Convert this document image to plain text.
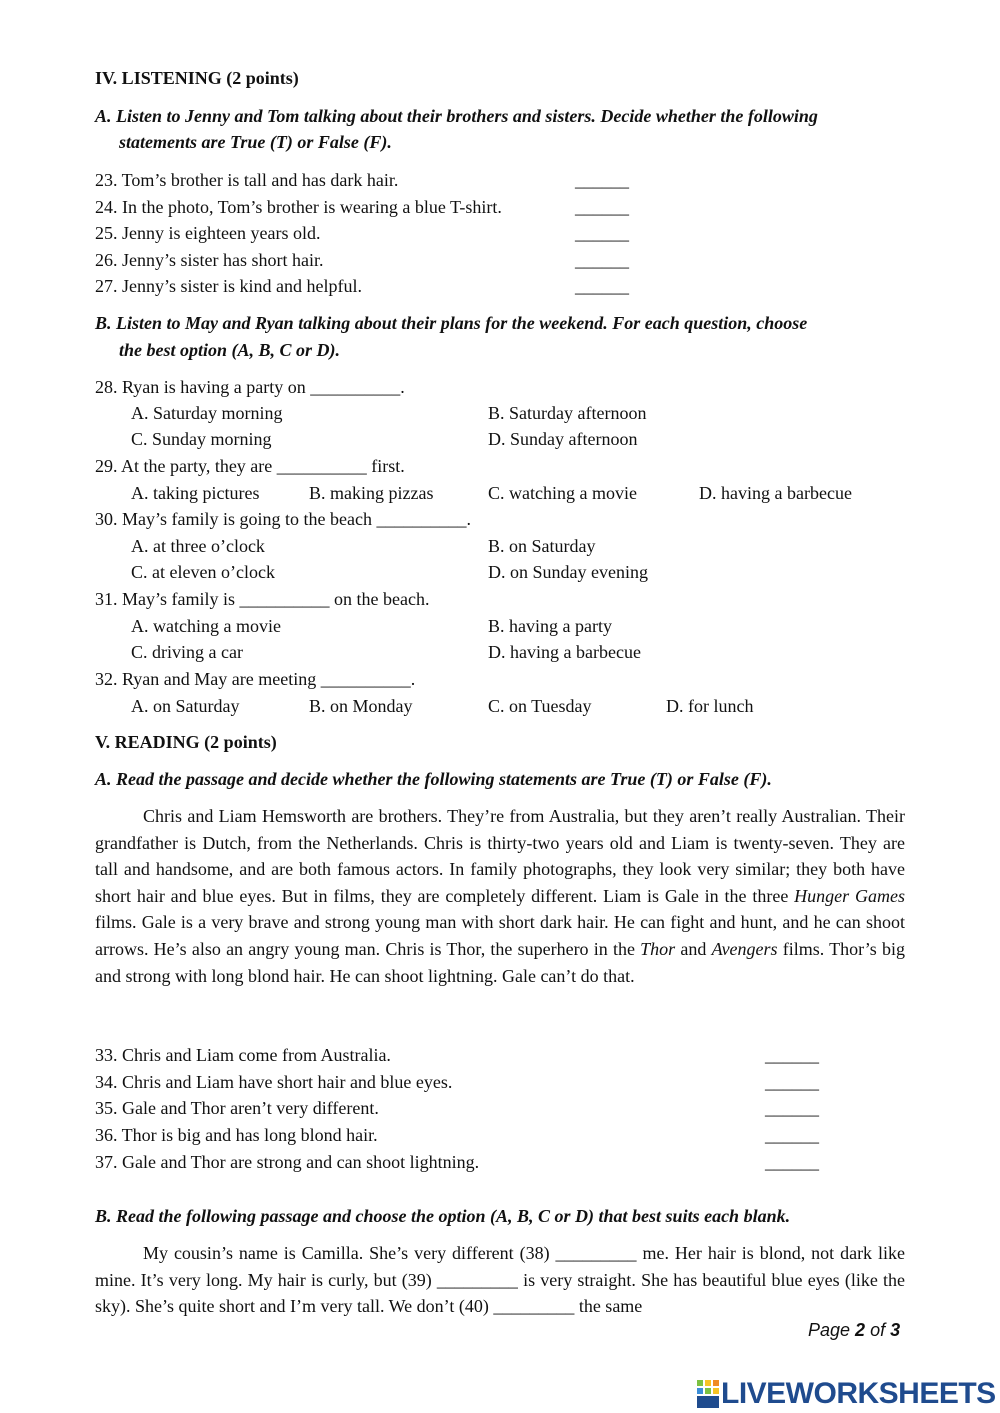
IV. LISTENING (2 points)
A. Listen to Jenny and Tom talking about their brothers and sisters. Decide whether the following
statements are True (T) or False (F).
23. Tom’s brother is tall and has dark hair.	______
24. In the photo, Tom’s brother is wearing a blue T-shirt.	______
25. Jenny is eighteen years old.	______
26. Jenny’s sister has short hair.	______
27. Jenny’s sister is kind and helpful.	______
B. Listen to May and Ryan talking about their plans for the weekend. For each question, choose
the best option (A, B, C or D).
28. Ryan is having a party on __________.
A. Saturday morning	B. Saturday afternoon
C. Sunday morning	D. Sunday afternoon
29. At the party, they are __________ first.
A. taking pictures	B. making pizzas	C. watching a movie	D. having a barbecue
30. May’s family is going to the beach __________.
A. at three o’clock	B. on Saturday
C. at eleven o’clock	D. on Sunday evening
31. May’s family is __________ on the beach.
A. watching a movie	B. having a party
C. driving a car	D. having a barbecue
32. Ryan and May are meeting __________.
A. on Saturday	B. on Monday	C. on Tuesday	D. for lunch
V. READING (2 points)
A. Read the passage and decide whether the following statements are True (T) or False (F).
Chris and Liam Hemsworth are brothers. They’re from Australia, but they aren’t really Australian. Their grandfather is Dutch, from the Netherlands. Chris is thirty-two years old and Liam is twenty-seven. They are tall and handsome, and are both famous actors. In family photographs, they look very similar; they both have short hair and blue eyes. But in films, they are completely different. Liam is Gale in the three Hunger Games films. Gale is a very brave and strong young man with short dark hair. He can fight and hunt, and he can shoot arrows. He’s also an angry young man. Chris is Thor, the superhero in the Thor and Avengers films. Thor’s big and strong with long blond hair. He can shoot lightning. Gale can’t do that.
33. Chris and Liam come from Australia.	______
34. Chris and Liam have short hair and blue eyes.	______
35. Gale and Thor aren’t very different.	______
36. Thor is big and has long blond hair.	______
37. Gale and Thor are strong and can shoot lightning.	______
B. Read the following passage and choose the option (A, B, C or D) that best suits each blank.
My cousin’s name is Camilla. She’s very different (38) _________ me. Her hair is blond, not dark like mine. It’s very long. My hair is curly, but (39) _________ is very straight. She has beautiful blue eyes (like the sky). She’s quite short and I’m very tall. We don’t (40) _________ the same
Page 2 of 3
LIVEWORKSHEETS
